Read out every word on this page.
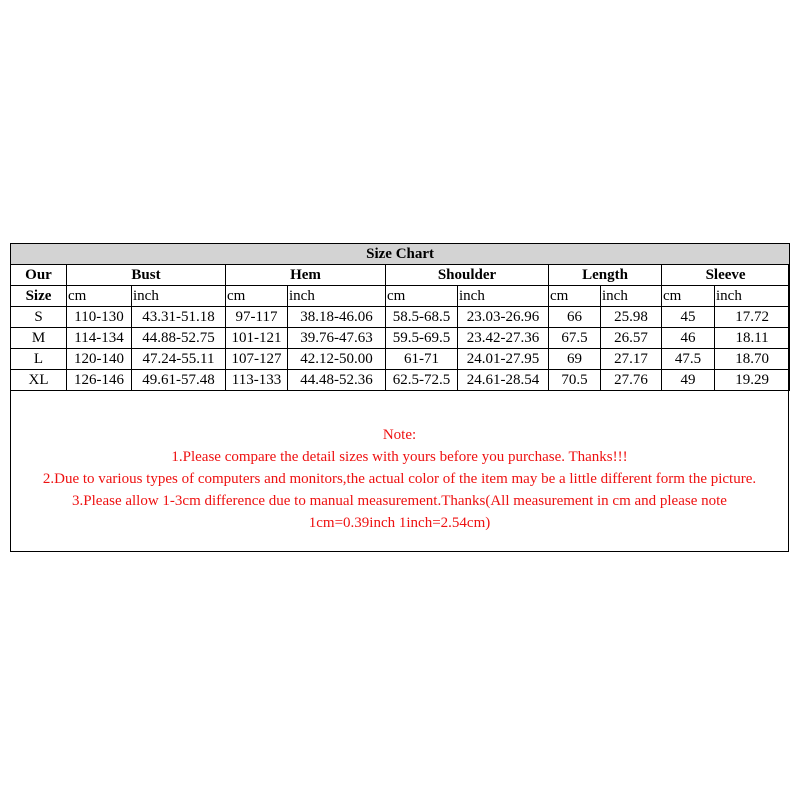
Size Chart										
Our	Bust		Hem		Shoulder		Length		Sleeve	
Size	cm	inch	cm	inch	cm	inch	cm	inch	cm	inch
S	110-130	43.31-51.18	97-117	38.18-46.06	58.5-68.5	23.03-26.96	66	25.98	45	17.72
M	114-134	44.88-52.75	101-121	39.76-47.63	59.5-69.5	23.42-27.36	67.5	26.57	46	18.11
L	120-140	47.24-55.11	107-127	42.12-50.00	61-71	24.01-27.95	69	27.17	47.5	18.70
XL	126-146	49.61-57.48	113-133	44.48-52.36	62.5-72.5	24.61-28.54	70.5	27.76	49	19.29
Note:
1.Please compare the detail sizes with yours before you purchase. Thanks!!!
2.Due to various types of computers and monitors,the actual color of the item may be a little different form the picture.
3.Please allow 1-3cm difference due to manual measurement.Thanks(All measurement in cm and please note
1cm=0.39inch 1inch=2.54cm)
